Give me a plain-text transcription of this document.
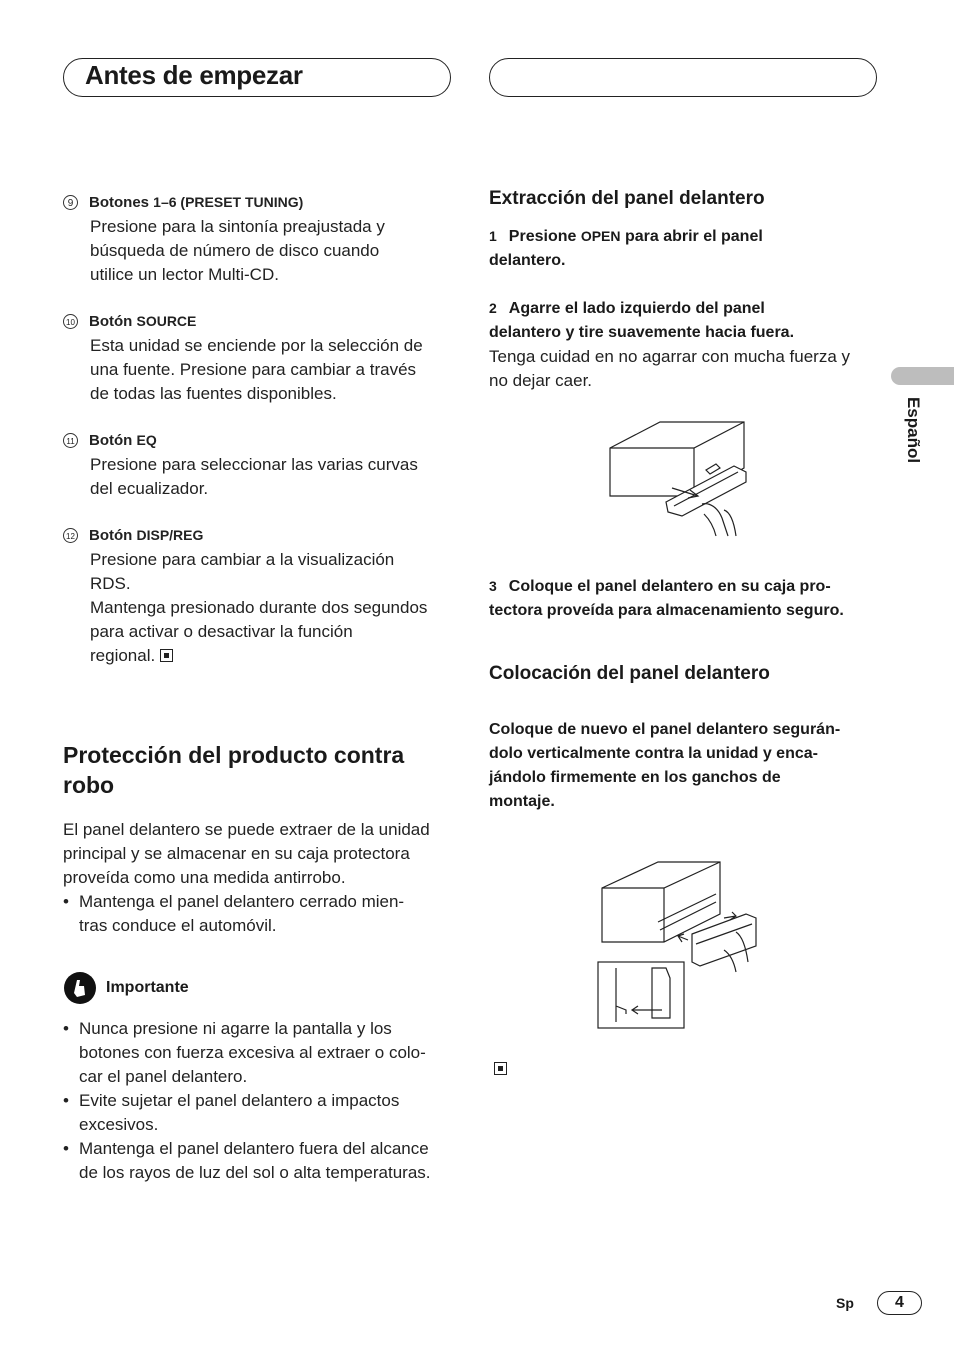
Antes de empezar
Español
9	Botones 1–6 (PRESET TUNING)
Presione para la sintonía preajustada y
búsqueda de número de disco cuando
utilice un lector Multi-CD.
10 Botón SOURCE
Esta unidad se enciende por la selección de
una fuente. Presione para cambiar a través
de todas las fuentes disponibles.
11 Botón EQ
Presione para seleccionar las varias curvas
del ecualizador.
12 Botón DISP/REG
Presione para cambiar a la visualización
RDS.
Mantenga presionado durante dos segundos
para activar o desactivar la función
regional.
Protección del producto contra
robo
El panel delantero se puede extraer de la unidad
principal y se almacenar en su caja protectora
proveída como una medida antirrobo.
• Mantenga el panel delantero cerrado mien-
tras conduce el automóvil.
Importante
• Nunca presione ni agarre la pantalla y los
botones con fuerza excesiva al extraer o colo-
car el panel delantero.
• Evite sujetar el panel delantero a impactos
excesivos.
• Mantenga el panel delantero fuera del alcance
de los rayos de luz del sol o alta temperaturas.
Extracción del panel delantero
1 Presione OPEN para abrir el panel
delantero.
2 Agarre el lado izquierdo del panel
delantero y tire suavemente hacia fuera.
Tenga cuidad en no agarrar con mucha fuerza y
no dejar caer.
3 Coloque el panel delantero en su caja pro-
tectora proveída para almacenamiento seguro.
Colocación del panel delantero
Coloque de nuevo el panel delantero segurán-
dolo verticalmente contra la unidad y enca-
jándolo firmemente en los ganchos de
montaje.
Sp	4
